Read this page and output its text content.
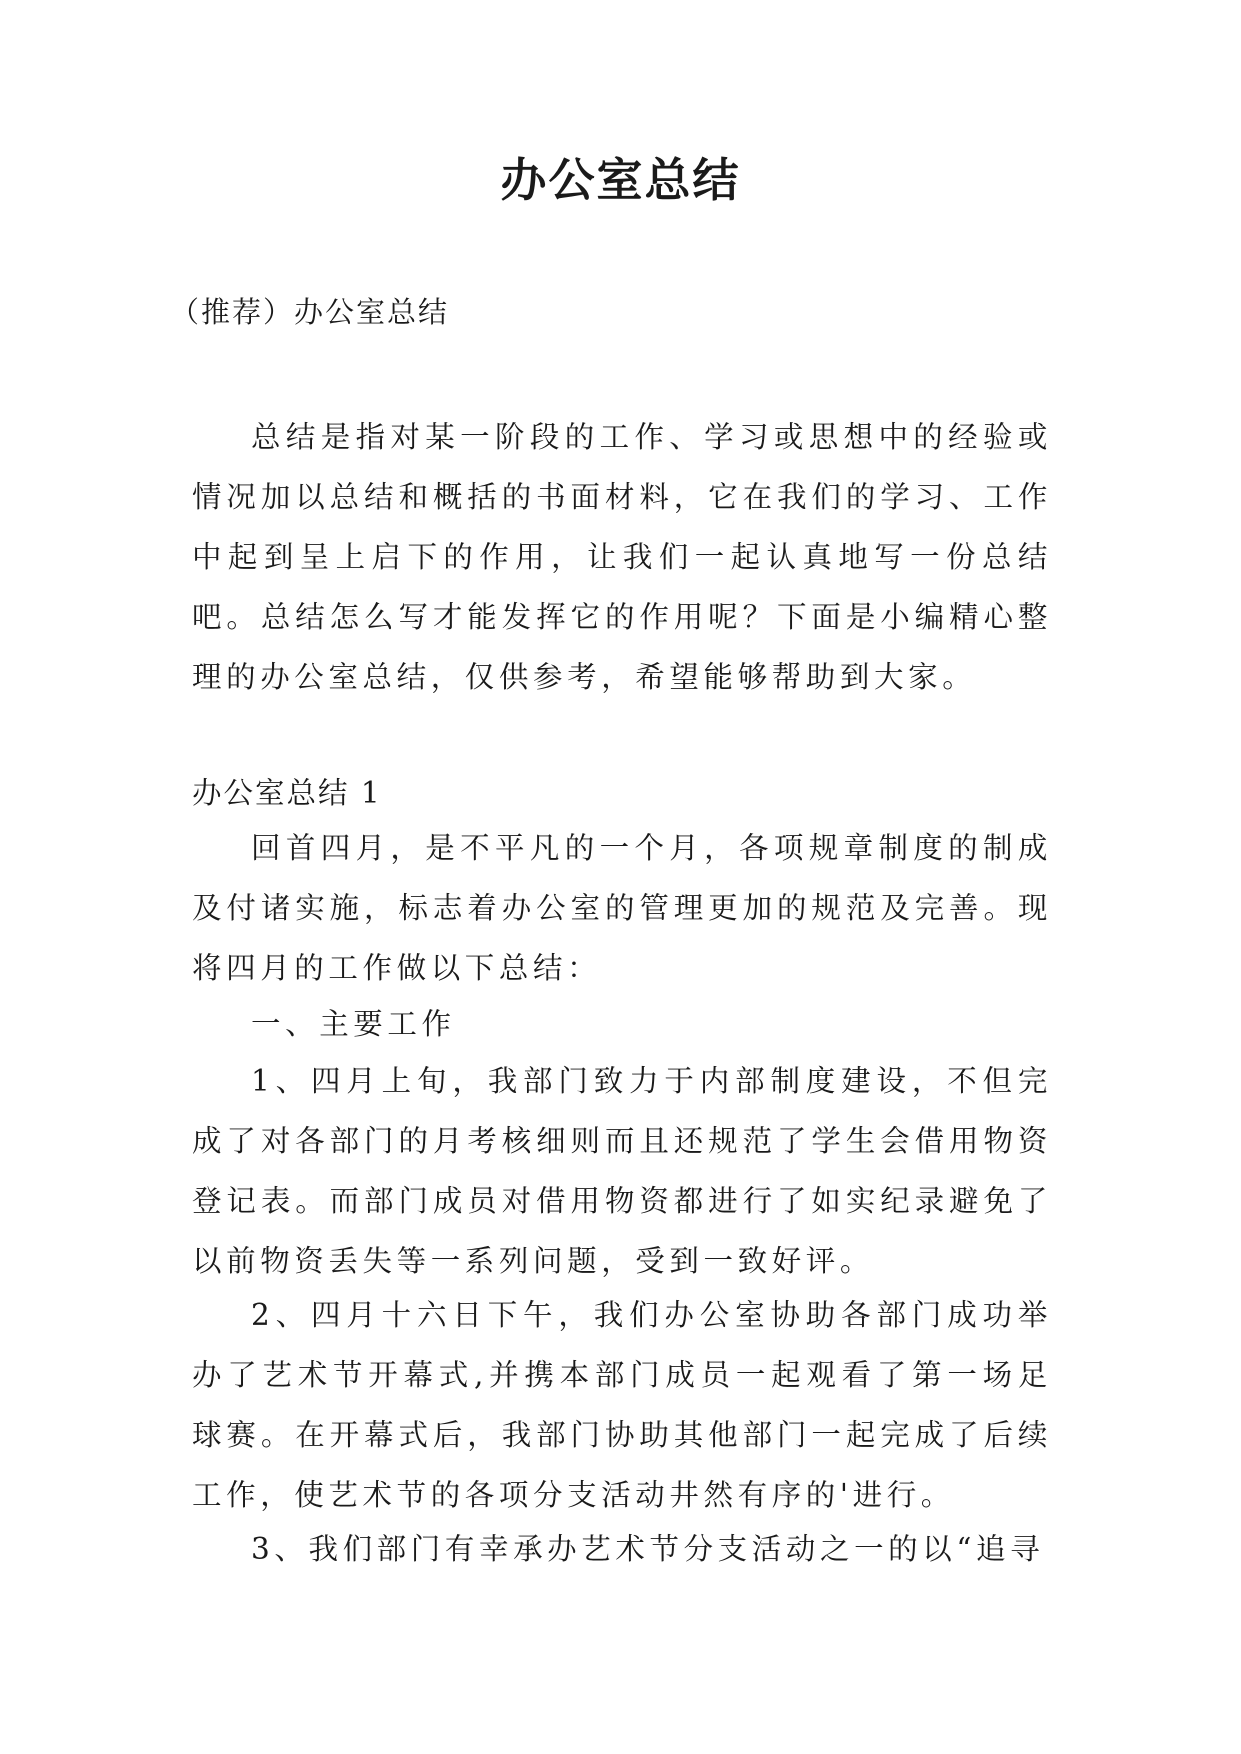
办公室总结

（推荐）办公室总结

总结是指对某一阶段的工作、学习或思想中的经验或情况加以总结和概括的书面材料，它在我们的学习、工作中起到呈上启下的作用，让我们一起认真地写一份总结吧。总结怎么写才能发挥它的作用呢？下面是小编精心整理的办公室总结，仅供参考，希望能够帮助到大家。

办公室总结 1

回首四月，是不平凡的一个月，各项规章制度的制成及付诸实施，标志着办公室的管理更加的规范及完善。现将四月的工作做以下总结：

一、主要工作

1、四月上旬，我部门致力于内部制度建设，不但完成了对各部门的月考核细则而且还规范了学生会借用物资登记表。而部门成员对借用物资都进行了如实纪录避免了以前物资丢失等一系列问题，受到一致好评。

2、四月十六日下午，我们办公室协助各部门成功举办了艺术节开幕式,并携本部门成员一起观看了第一场足球赛。在开幕式后，我部门协助其他部门一起完成了后续工作，使艺术节的各项分支活动井然有序的'进行。

3、我们部门有幸承办艺术节分支活动之一的以“追寻
